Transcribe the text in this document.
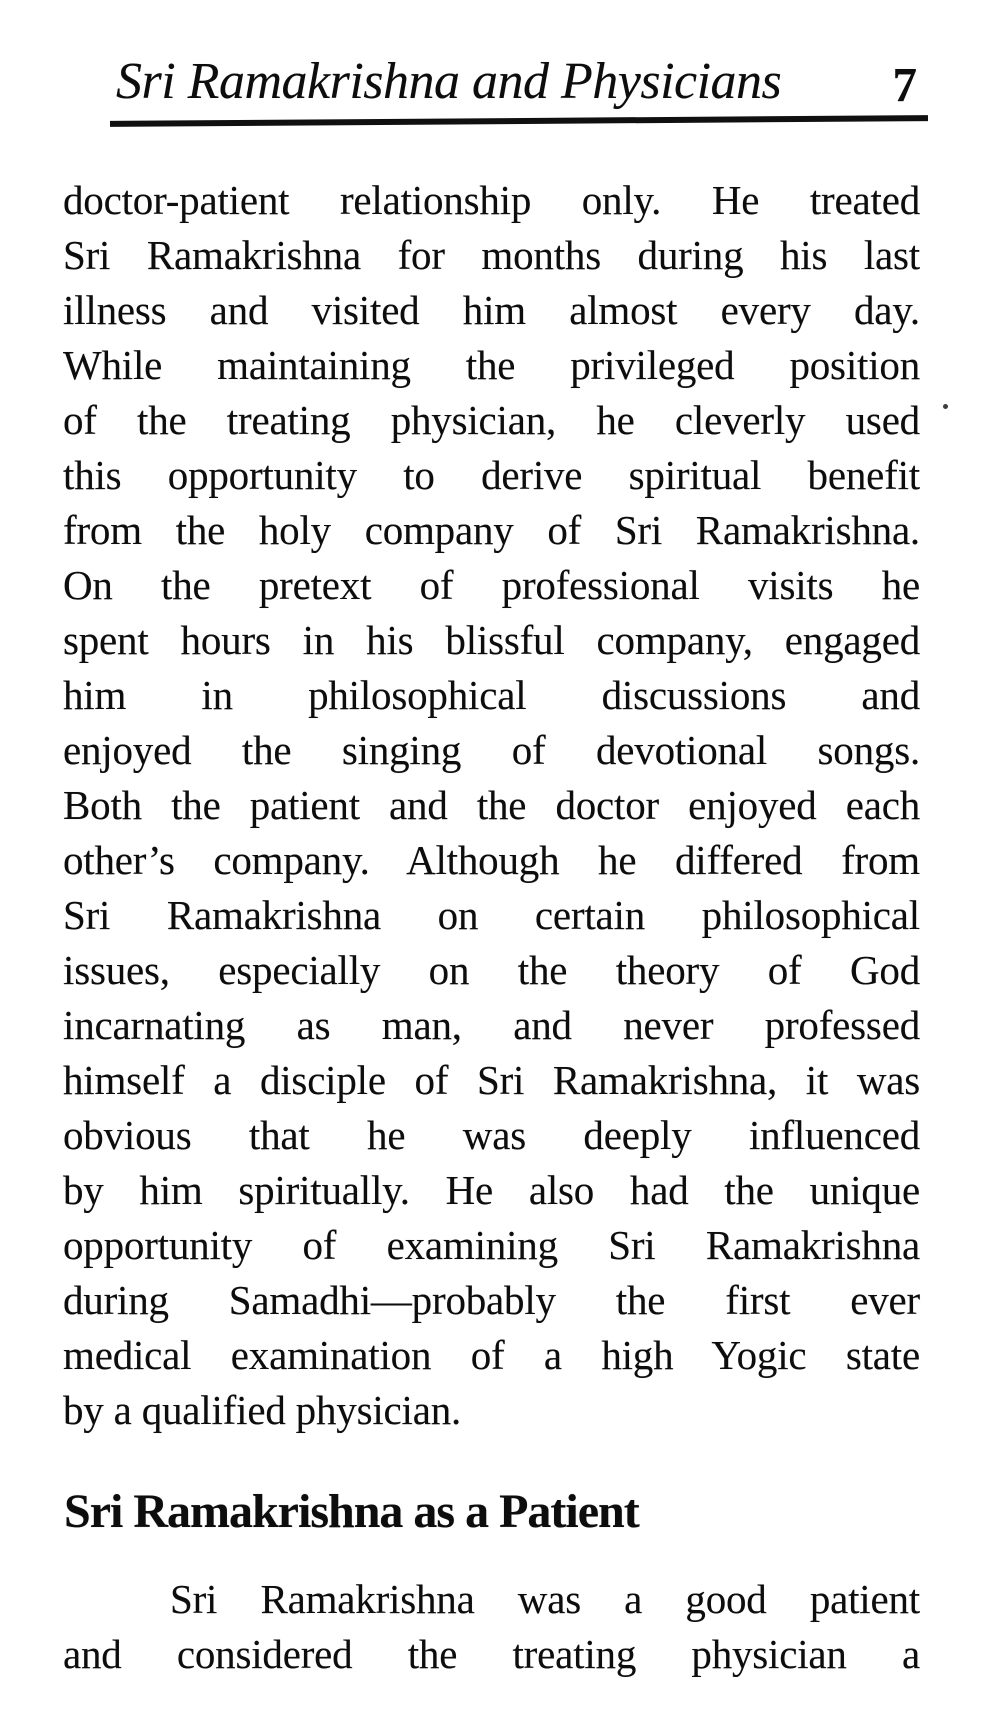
Sri Ramakrishna and Physicians 7
doctor-patient relationship only. He treated
Sri Ramakrishna for months during his last
illness and visited him almost every day.
While maintaining the privileged position
of the treating physician, he cleverly used
this opportunity to derive spiritual benefit
from the holy company of Sri Ramakrishna.
On the pretext of professional visits he
spent hours in his blissful company, engaged
him in philosophical discussions and
enjoyed the singing of devotional songs.
Both the patient and the doctor enjoyed each
other’s company. Although he differed from
Sri Ramakrishna on certain philosophical
issues, especially on the theory of God
incarnating as man, and never professed
himself a disciple of Sri Ramakrishna, it was
obvious that he was deeply influenced
by him spiritually. He also had the unique
opportunity of examining Sri Ramakrishna
during Samadhi—probably the first ever
medical examination of a high Yogic state
by a qualified physician.
Sri Ramakrishna as a Patient
Sri Ramakrishna was a good patient
and considered the treating physician a
